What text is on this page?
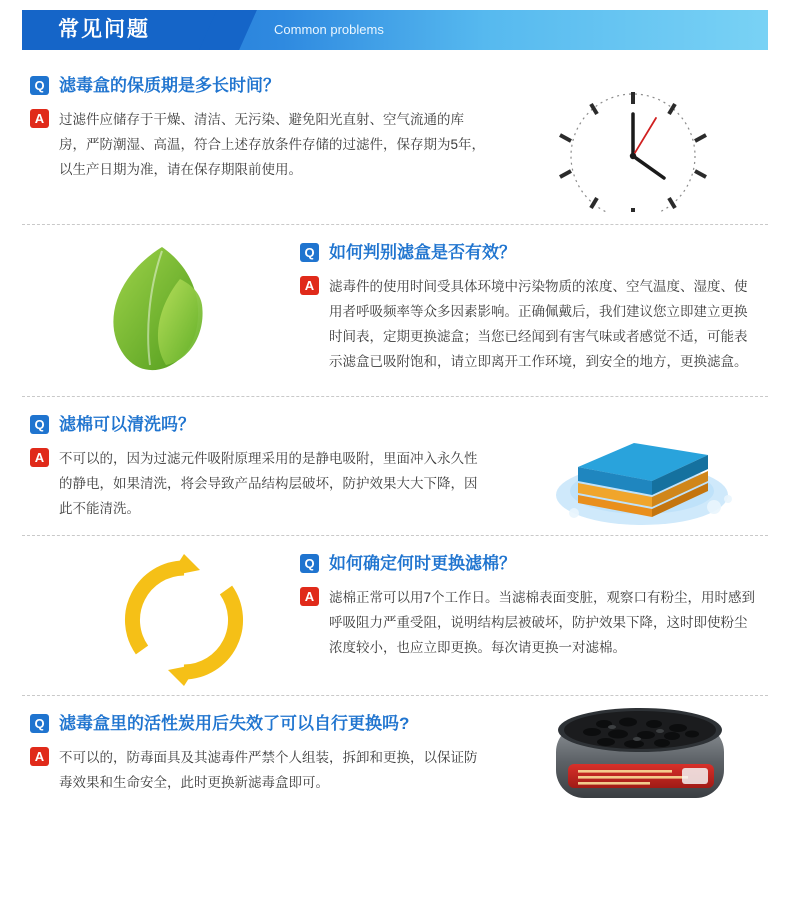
常见问题	Common problems
Q 滤毒盒的保质期是多长时间？
A	过滤件应储存于干燥、清洁、无污染、避免阳光直射、空气流通的库房，严防潮湿、高温，符合上述存放条件存储的过滤件，保存期为5年，以生产日期为准，请在保存期限前使用。
Q 如何判别滤盒是否有效？
A	滤毒件的使用时间受具体环境中污染物质的浓度、空气温度、湿度、使用者呼吸频率等众多因素影响。正确佩戴后，我们建议您立即建立更换时间表，定期更换滤盒；当您已经闻到有害气味或者感觉不适，可能表示滤盒已吸附饱和，请立即离开工作环境，到安全的地方，更换滤盒。
Q 滤棉可以清洗吗？
A	不可以的，因为过滤元件吸附原理采用的是静电吸附，里面冲入永久性的静电，如果清洗，将会导致产品结构层破坏，防护效果大大下降，因此不能清洗。
Q 如何确定何时更换滤棉？
A	滤棉正常可以用7个工作日。当滤棉表面变脏，观察口有粉尘，用时感到呼吸阻力严重受阻，说明结构层被破坏，防护效果下降，这时即使粉尘浓度较小，也应立即更换。每次请更换一对滤棉。
Q 滤毒盒里的活性炭用后失效了可以自行更换吗?
A	不可以的，防毒面具及其滤毒件严禁个人组装，拆卸和更换，以保证防毒效果和生命安全，此时更换新滤毒盒即可。
